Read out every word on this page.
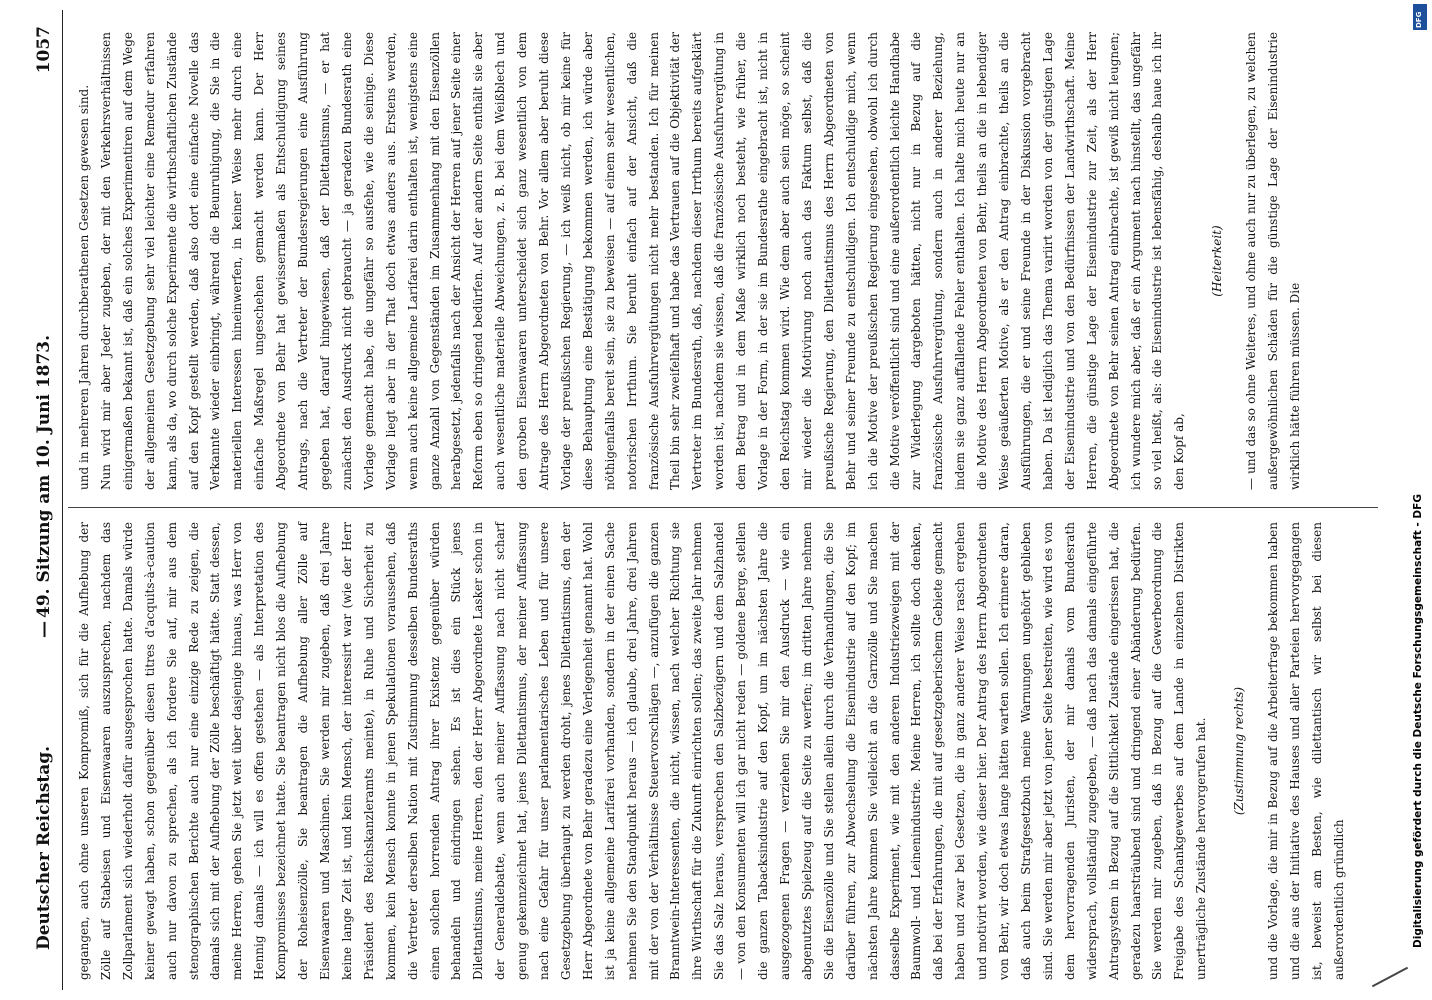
Deutscher Reichstag.
—
49. Sitzung am 10. Juni 1873.
1057

gegangen, auch ohne unseren Kompromiß, sich für die Aufhebung der Zölle auf Stabeisen und Eisenwaaren auszusprechen, nachdem das Zollparlament sich wiederholt dafür ausgesprochen hatte. Damals würde keiner gewagt haben, schon gegenüber diesen titres d'acquits-à-caution auch nur davon zu sprechen, als ich fordere Sie auf, mir aus dem stenographischen Berichte auch nur eine einzige Rede zu zeigen, die damals sich mit der Aufhebung der Zölle beschäftigt hätte. Statt dessen, meine Herren, gehen Sie jetzt weit über dasjenige hinaus, was Herr von Hennig damals — ich will es offen gestehen — als Interpretation des Kompromisses bezeichnet hatte. Sie beantragen nicht blos die Aufhebung der Roheisenzölle, Sie beantragen die Aufhebung aller Zölle auf Eisenwaaren und Maschinen. Sie werden mir zugeben, daß drei Jahre keine lange Zeit ist, und kein Mensch, der interessirt war (wie der Herr Präsident des Reichskanzleramts meinte), in Ruhe und Sicherheit zu kommen, kein Mensch konnte in jenen Spekulationen voraussehen, daß die Vertreter derselben Nation mit Zustimmung desselben Bundesraths einen solchen horrenden Antrag ihrer Existenz gegenüber würden behandeln und eindringen sehen. Es ist dies ein Stück jenes Dilettantismus, meine Herren, den der Herr Abgeordnete Lasker schon in der Generaldebatte, wenn auch meiner Auffassung nach nicht scharf genug gekennzeichnet hat, jenes Dilettantismus, der meiner Auffassung nach eine Gefahr für unser parlamentarisches Leben und für unsere Gesetzgebung überhaupt zu werden droht, jenes Dilettantismus, den der Herr Abgeordnete von Behr geradezu eine Verlegenheit genannt hat. Wohl ist ja keine allgemeine Larifarei vorhanden, sondern in der einen Sache nehmen Sie den Standpunkt heraus — ich glaube, drei Jahre, drei Jahren mit der von der Verhältnisse Steuervorschlägen —, anzufügen die ganzen Branntwein-Interessenten, die nicht, wissen, nach welcher Richtung sie ihre Wirthschaft für die Zukunft einrichten sollen; das zweite Jahr nehmen Sie das Salz heraus, versprechen den Salzbezügern und dem Salzhandel — von den Konsumenten will ich gar nicht reden — goldene Berge, stellen die ganzen Tabacksindustrie auf den Kopf, um im nächsten Jahre die ausgezogenen Fragen — verziehen Sie mir den Ausdruck — wie ein abgenutztes Spielzeug auf die Seite zu werfen; im dritten Jahre nehmen Sie die Eisenzölle und Sie stellen allein durch die Verhandlungen, die Sie darüber führen, zur Abwechselung die Eisenindustrie auf den Kopf; im nächsten Jahre kommen Sie vielleicht an die Garnzölle und Sie machen dasselbe Experiment, wie mit den anderen Industriezweigen mit der Baumwoll- und Leinenindustrie. Meine Herren, ich sollte doch denken, daß bei der Erfahrungen, die mit auf gesetzgeberischem Gebiete gemacht haben und zwar bei Gesetzen, die in ganz anderer Weise rasch ergehen und motivirt worden, wie dieser hier. Der Antrag des Herrn Abgeordneten von Behr, wir doch etwas lange hätten warten sollen. Ich erinnere daran, daß auch beim Strafgesetzbuch meine Warnungen ungehört geblieben sind. Sie werden mir aber jetzt von jener Seite bestreiten, wie wird es von dem hervorragenden Juristen, der mir damals vom Bundesrath widersprach, vollständig zugegeben, — daß nach das damals eingeführte Antragsystem in Bezug auf die Sittlichkeit Zustände eingerissen hat, die geradezu haarsträubend sind und dringend einer Abänderung bedürfen. Sie werden mir zugeben, daß in Bezug auf die Gewerbeordnung die Freigabe des Schankgewerbes auf dem Lande in einzelnen Distrikten unerträgliche Zustände hervorgerufen hat.	(Zustimmung rechts)	und die Vorlage, die mir in Bezug auf die Arbeiterfrage bekommen haben und die aus der Initiative des Hauses und aller Parteien hervorgegangen ist, beweist am Besten, wie dilettantisch wir selbst bei diesen außerordentlich gründlich

und in mehreren Jahren durchberathenen Gesetzen gewesen sind. Nun wird mir aber Jeder zugeben, der mit den Verkehrsverhältnissen einigermaßen bekannt ist, daß ein solches Experimentiren auf dem Wege der allgemeinen Gesetzgebung sehr viel leichter eine Remedur erfahren kann, als da, wo durch solche Experimente die wirthschaftlichen Zustände auf den Kopf gestellt werden, daß also dort eine einfache Novelle das Verkannte wieder einbringt, während die Beunruhigung, die Sie in die materiellen Interessen hineinwerfen, in keiner Weise mehr durch eine einfache Maßregel ungeschehen gemacht werden kann. Der Herr Abgeordnete von Behr hat gewissermaßen als Entschuldigung seines Antrags, nach die Vertreter der Bundesregierungen eine Ausführung gegeben hat, darauf hingewiesen, daß der Dilettantismus, — er hat zunächst den Ausdruck nicht gebraucht — ja geradezu Bundesrath eine Vorlage gemacht habe, die ungefähr so ausfehe, wie die seinige. Diese Vorlage liegt aber in der That doch etwas anders aus. Erstens werden, wenn auch keine allgemeine Larifarei darin enthalten ist, wenigstens eine ganze Anzahl von Gegenständen im Zusammenhang mit den Eisenzöllen herabgesetzt, jedenfalls nach der Ansicht der Herren auf jener Seite einer Reform eben so dringend bedürfen. Auf der andern Seite enthält sie aber auch wesentliche materielle Abweichungen, z. B. bei dem Weißblech und den groben Eisenwaaren unterscheidet sich ganz wesentlich von dem Antrage des Herrn Abgeordneten von Behr. Vor allem aber beruht diese Vorlage der preußischen Regierung, — ich weiß nicht, ob mir keine für diese Behauptung eine Bestätigung bekommen werden, ich würde aber nöthigenfalls bereit sein, sie zu beweisen — auf einem sehr wesentlichen, notorischen Irrthum. Sie beruht einfach auf der Ansicht, daß die französische Ausfuhrvergütungen nicht mehr bestanden. Ich für meinen Theil bin sehr zweifelhaft und habe das Vertrauen auf die Objektivität der Vertreter im Bundesrath, daß, nachdem dieser Irrthum bereits aufgeklärt worden ist, nachdem sie wissen, daß die französische Ausfuhrvergütung in dem Betrag und in dem Maße wirklich noch besteht, wie früher, die Vorlage in der Form, in der sie im Bundesrathe eingebracht ist, nicht in den Reichstag kommen wird. Wie dem aber auch sein möge, so scheint mir wieder die Motivirung noch auch das Faktum selbst, daß die preußische Regierung, den Dilettantismus des Herrn Abgeordneten von Behr und seiner Freunde zu entschuldigen. Ich entschuldige mich, wenn ich die Motive der preußischen Regierung eingesehen, obwohl ich durch die Motive veröffentlicht sind und eine außerordentlich leichte Handhabe zur Widerlegung dargeboten hätten, nicht nur in Bezug auf die französische Ausfuhrvergütung, sondern auch in anderer Beziehung, indem sie ganz auffallende Fehler enthalten. Ich halte mich heute nur an die Motive des Herrn Abgeordneten von Behr, theils an die in lebendiger Weise geäußerten Motive, als er den Antrag einbrachte, theils an die Ausführungen, die er und seine Freunde in der Diskussion vorgebracht haben. Da ist lediglich das Thema variirt worden von der günstigen Lage der Eisenindustrie und von den Bedürfnissen der Landwirthschaft. Meine Herren, die günstige Lage der Eisenindustrie zur Zeit, als der Herr Abgeordnete von Behr seinen Antrag einbrachte, ist gewiß nicht leugnen; ich wundere mich aber, daß er ein Argument nach hinstellt, das ungefähr so viel heißt, als: die Eisenindustrie ist lebensfähig, deshalb haue ich ihr den Kopf ab,

(Heiterkeit)	— und das so ohne Weiteres, und ohne auch nur zu überlegen, zu welchen außergewöhnlichen Schäden für die günstige Lage der Eisenindustrie wirklich hätte führen müssen. Die

DFG
Digitalisierung gefördert durch die Deutsche Forschungsgemeinschaft - DFG
